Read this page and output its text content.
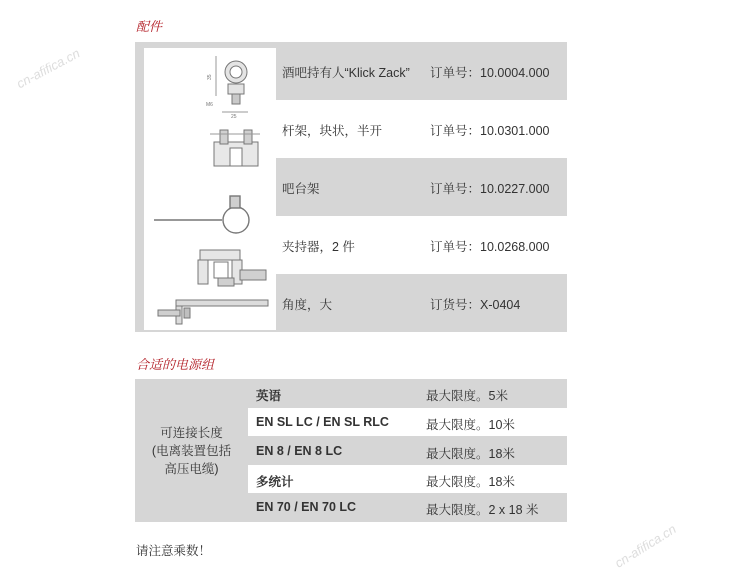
cn-afifica.cn
cn-afifica.cn
配件
35
M6
25
酒吧持有人“Klick Zack” 订单号：10.0004.000
杆架，块状，半开	订单号：10.0301.000
吧台架	订单号：10.0227.000
夹持器，2 件	订单号：10.0268.000
角度，大	订货号：X-0404
合适的电源组
可连接长度
(电离装置包括
高压电缆)
英语	最大限度。5米
EN SL LC / EN SL RLC	最大限度。10米
EN 8 / EN 8 LC	最大限度。18米
多统计	最大限度。18米
EN 70 / EN 70 LC	最大限度。2 x 18 米
请注意乘数！
